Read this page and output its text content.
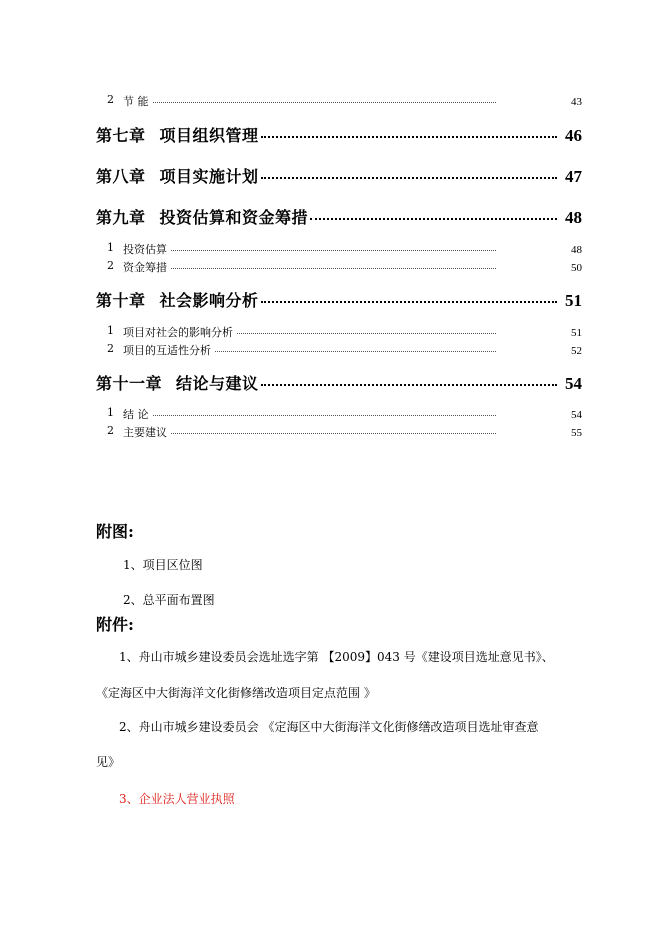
2 节 能	43
第七章 项目组织管理	46
第八章 项目实施计划	47
第九章 投资估算和资金筹措	48
1 投资估算	48
2 资金筹措	50
第十章 社会影响分析	51
1 项目对社会的影响分析	51
2 项目的互适性分析	52
第十一章 结论与建议	54
1 结 论	54
2 主要建议	55
附图:
1、项目区位图
2、总平面布置图
附件:
1、舟山市城乡建设委员会选址选字第 【2009】043 号《建设项目选址意见书》、
《定海区中大街海洋文化街修缮改造项目定点范围 》
2、舟山市城乡建设委员会 《定海区中大街海洋文化街修缮改造项目选址审查意
见》
3、企业法人营业执照
